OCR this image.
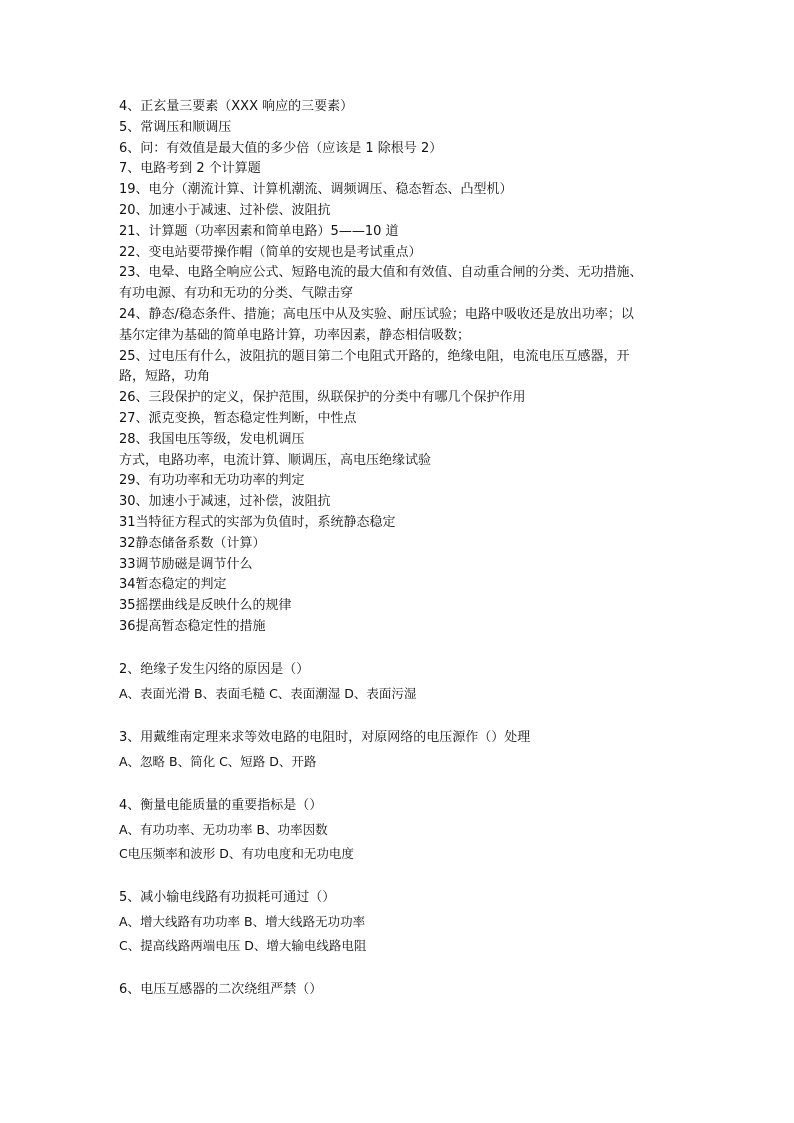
4、正玄量三要素（XXX 响应的三要素）
5、常调压和顺调压
6、问：有效值是最大值的多少倍（应该是 1 除根号 2）
7、电路考到 2 个计算题
19、电分（潮流计算、计算机潮流、调频调压、稳态暂态、凸型机）
20、加速小于减速、过补偿、波阻抗
21、计算题（功率因素和简单电路）5——10 道
22、变电站要带操作帽（简单的安规也是考试重点）
23、电晕、电路全响应公式、短路电流的最大值和有效值、自动重合闸的分类、无功措施、
有功电源、有功和无功的分类、气隙击穿
24、静态/稳态条件、措施；高电压中从及实验、耐压试验；电路中吸收还是放出功率；以
基尔定律为基础的简单电路计算，功率因素，静态相信吸数；
25、过电压有什么，波阻抗的题目第二个电阻式开路的，绝缘电阻，电流电压互感器，开
路，短路，功角
26、三段保护的定义，保护范围，纵联保护的分类中有哪几个保护作用
27、派克变换，暂态稳定性判断，中性点
28、我国电压等级，发电机调压
方式，电路功率，电流计算、顺调压，高电压绝缘试验
29、有功功率和无功功率的判定
30、加速小于减速，过补偿，波阻抗
31当特征方程式的实部为负值时，系统静态稳定
32静态储备系数（计算）
33调节励磁是调节什么
34暂态稳定的判定
35摇摆曲线是反映什么的规律
36提高暂态稳定性的措施
2、绝缘子发生闪络的原因是（）
A、表面光滑 B、表面毛糙 C、表面潮湿 D、表面污湿
3、用戴维南定理来求等效电路的电阻时，对原网络的电压源作（）处理
A、忽略 B、简化 C、短路 D、开路
4、衡量电能质量的重要指标是（）
A、有功功率、无功功率 B、功率因数
C电压频率和波形 D、有功电度和无功电度
5、减小输电线路有功损耗可通过（）
A、增大线路有功功率 B、增大线路无功功率
C、提高线路两端电压 D、增大输电线路电阻
6、电压互感器的二次绕组严禁（）
